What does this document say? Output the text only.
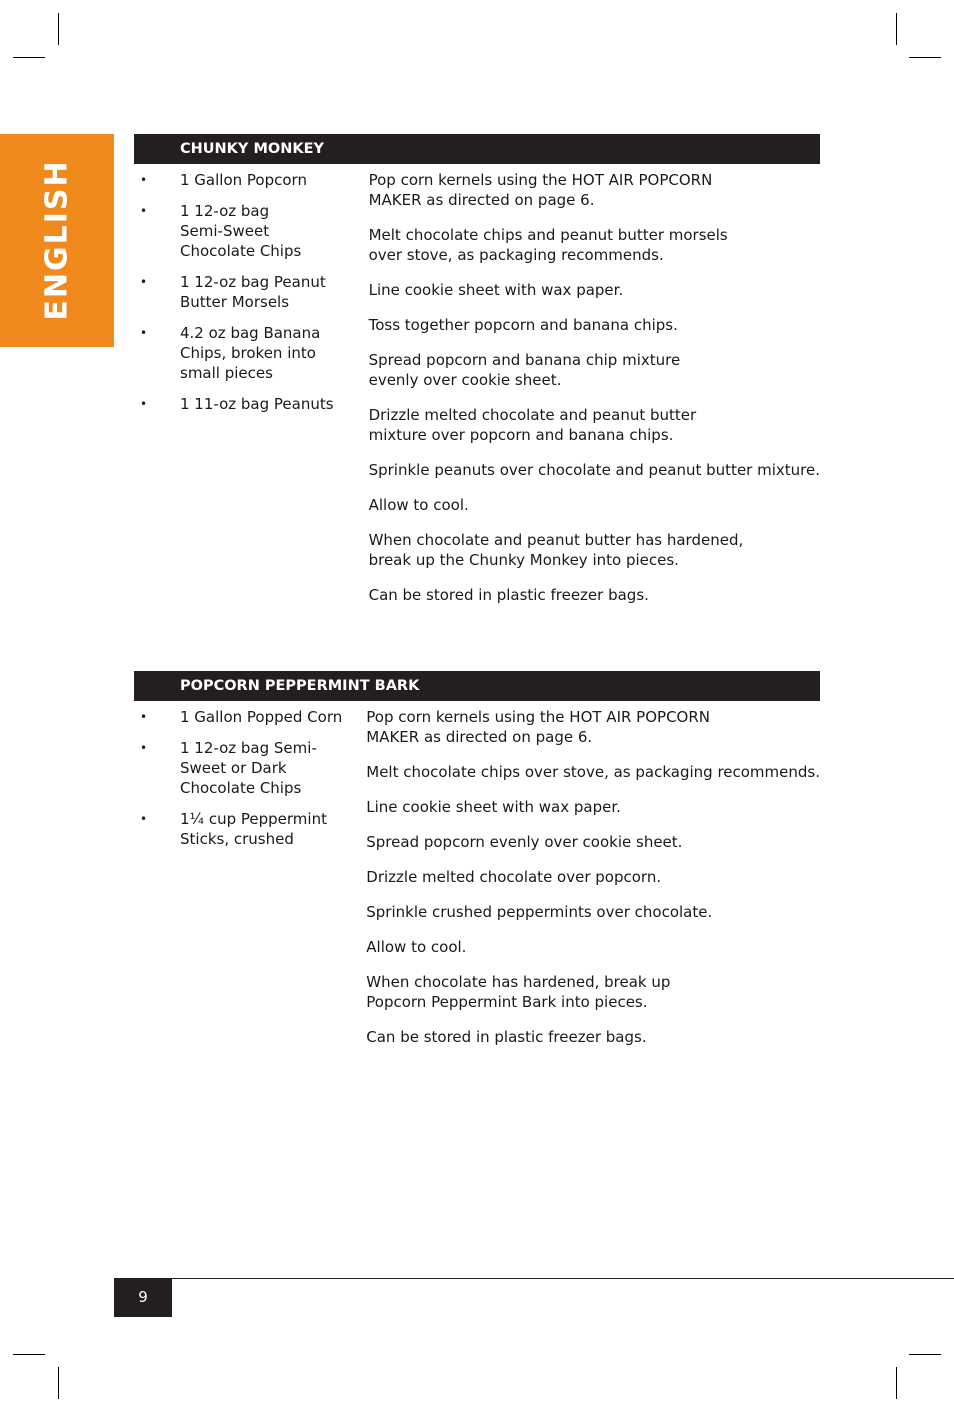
ENGLISH
CHUNKY MONKEY
• 1 Gallon Popcorn
• 1 12-oz bag
Semi-Sweet
Chocolate Chips
• 1 12-oz bag Peanut
Butter Morsels
• 4.2 oz bag Banana
Chips, broken into
small pieces
• 1 11-oz bag Peanuts

Pop corn kernels using the HOT AIR POPCORN
MAKER as directed on page 6.

Melt chocolate chips and peanut butter morsels
over stove, as packaging recommends.

Line cookie sheet with wax paper.

Toss together popcorn and banana chips.

Spread popcorn and banana chip mixture
evenly over cookie sheet.

Drizzle melted chocolate and peanut butter
mixture over popcorn and banana chips.

Sprinkle peanuts over chocolate and peanut butter mixture.

Allow to cool.

When chocolate and peanut butter has hardened,
break up the Chunky Monkey into pieces.

Can be stored in plastic freezer bags.

POPCORN PEPPERMINT BARK
• 1 Gallon Popped Corn
• 1 12-oz bag Semi-
Sweet or Dark
Chocolate Chips
• 1¼ cup Peppermint
Sticks, crushed

Pop corn kernels using the HOT AIR POPCORN
MAKER as directed on page 6.

Melt chocolate chips over stove, as packaging recommends.

Line cookie sheet with wax paper.

Spread popcorn evenly over cookie sheet.

Drizzle melted chocolate over popcorn.

Sprinkle crushed peppermints over chocolate.

Allow to cool.

When chocolate has hardened, break up
Popcorn Peppermint Bark into pieces.

Can be stored in plastic freezer bags.

9
